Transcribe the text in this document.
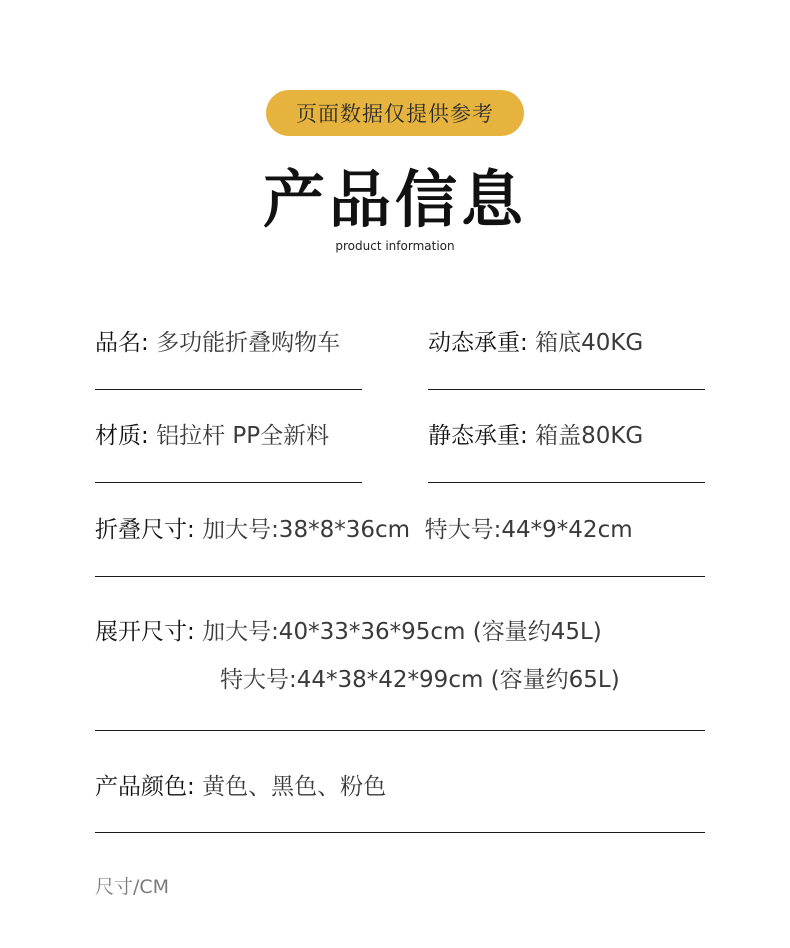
页面数据仅提供参考
产品信息
product information
品名: 多功能折叠购物车	动态承重: 箱底40KG
材质: 铝拉杆 PP全新料	静态承重: 箱盖80KG
折叠尺寸: 加大号:38*8*36cm  特大号:44*9*42cm
展开尺寸: 加大号:40*33*36*95cm (容量约45L)
特大号:44*38*42*99cm (容量约65L)
产品颜色: 黄色、黑色、粉色
尺寸/CM
